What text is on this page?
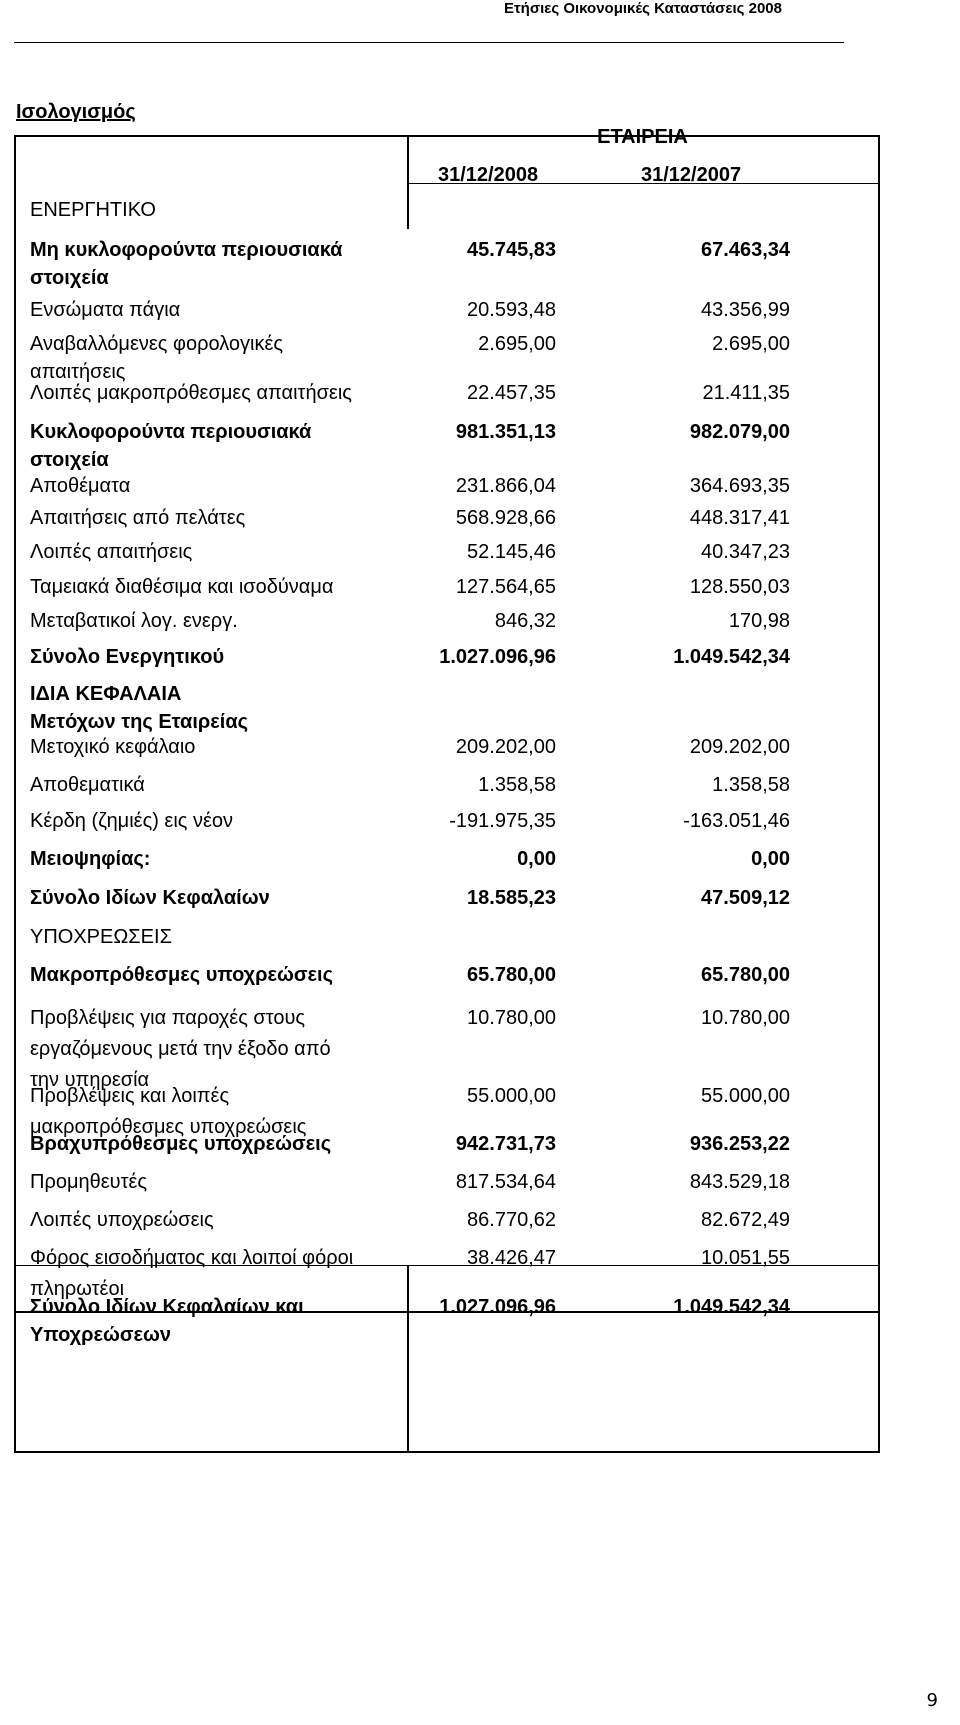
Ετήσιες Οικονομικές Καταστάσεις 2008
Ισολογισμός
ΕΤΑΙΡΕΙΑ
31/12/2008	31/12/2007
ΕΝΕΡΓΗΤΙΚΟ
Μη κυκλοφορούντα περιουσιακά
στοιχεία
45.745,83	67.463,34
Ενσώματα πάγια	20.593,48	43.356,99
Αναβαλλόμενες φορολογικές
απαιτήσεις
2.695,00	2.695,00
Λοιπές μακροπρόθεσμες απαιτήσεις	22.457,35	21.411,35
Κυκλοφορούντα περιουσιακά
στοιχεία
981.351,13	982.079,00
Αποθέματα	231.866,04	364.693,35
Απαιτήσεις από πελάτες	568.928,66	448.317,41
Λοιπές απαιτήσεις	52.145,46	40.347,23
Ταμειακά διαθέσιμα και ισοδύναμα	127.564,65	128.550,03
Μεταβατικοί λογ. ενεργ.	846,32	170,98
Σύνολο Ενεργητικού	1.027.096,96	1.049.542,34
ΙΔΙΑ ΚΕΦΑΛΑΙΑ
Μετόχων της Εταιρείας
Μετοχικό κεφάλαιο	209.202,00	209.202,00
Αποθεματικά	1.358,58	1.358,58
Κέρδη (ζημιές) εις νέον	-191.975,35	-163.051,46
Μειοψηφίας:	0,00	0,00
Σύνολο Ιδίων Κεφαλαίων	18.585,23	47.509,12
ΥΠΟΧΡΕΩΣΕΙΣ
Μακροπρόθεσμες υποχρεώσεις	65.780,00	65.780,00
Προβλέψεις για παροχές στους
εργαζόμενους μετά την έξοδο από
την υπηρεσία
10.780,00	10.780,00
Προβλέψεις και λοιπές
μακροπρόθεσμες υποχρεώσεις
55.000,00	55.000,00
Βραχυπρόθεσμες υποχρεώσεις	942.731,73	936.253,22
Προμηθευτές	817.534,64	843.529,18
Λοιπές υποχρεώσεις	86.770,62	82.672,49
Φόρος εισοδήματος και λοιποί φόροι
πληρωτέοι
38.426,47	10.051,55
Σύνολο Ιδίων Κεφαλαίων και
Υποχρεώσεων
1.027.096,96	1.049.542,34
9
